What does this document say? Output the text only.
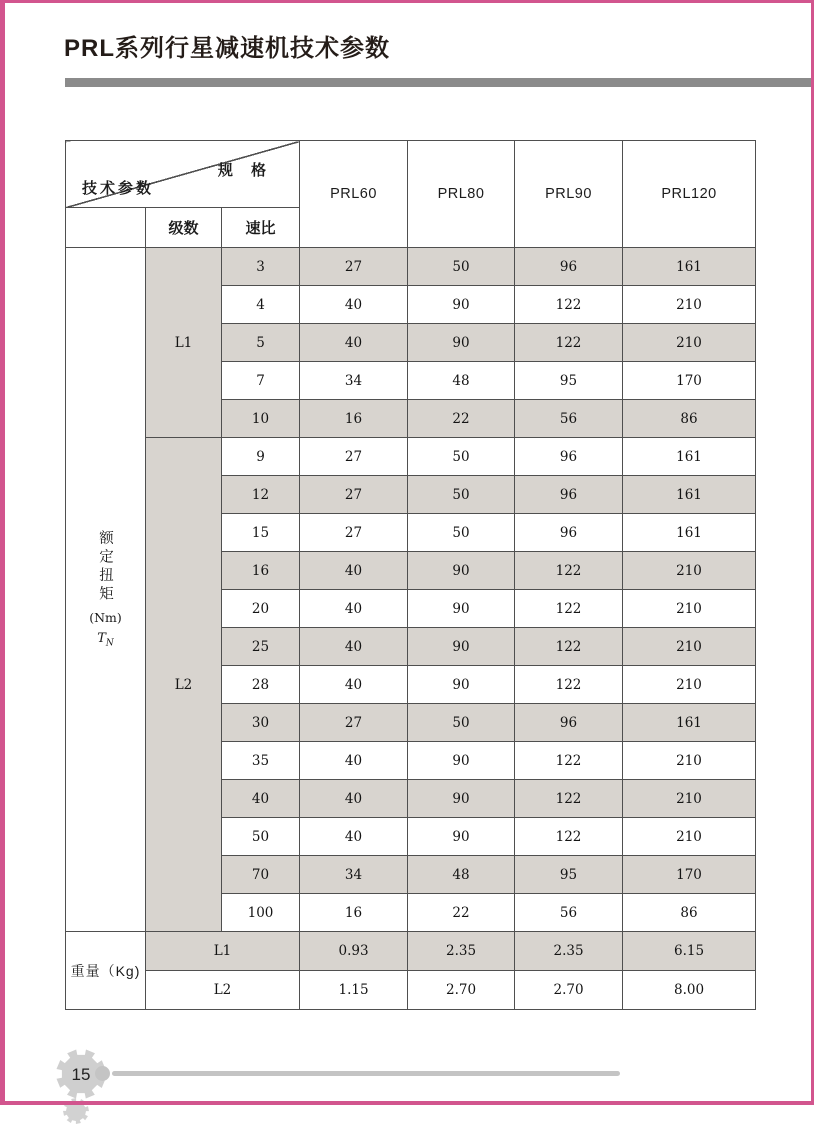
PRL系列行星减速机技术参数
规 格
技术参数			PRL60	PRL80	PRL90	PRL120
	级数	速比				

额定扭矩
(Nm)
$T_N$	L1	3	27	50	96	161
		4	40	90	122	210
		5	40	90	122	210
		7	34	48	95	170
		10	16	22	56	86
	L2	9	27	50	96	161
		12	27	50	96	161
		15	27	50	96	161
		16	40	90	122	210
		20	40	90	122	210
		25	40	90	122	210
		28	40	90	122	210
		30	27	50	96	161
		35	40	90	122	210
		40	40	90	122	210
		50	40	90	122	210
		70	34	48	95	170
		100	16	22	56	86
重量（Kg)	L1		0.93	2.35	2.35	6.15
	L2		1.15	2.70	2.70	8.00
15
